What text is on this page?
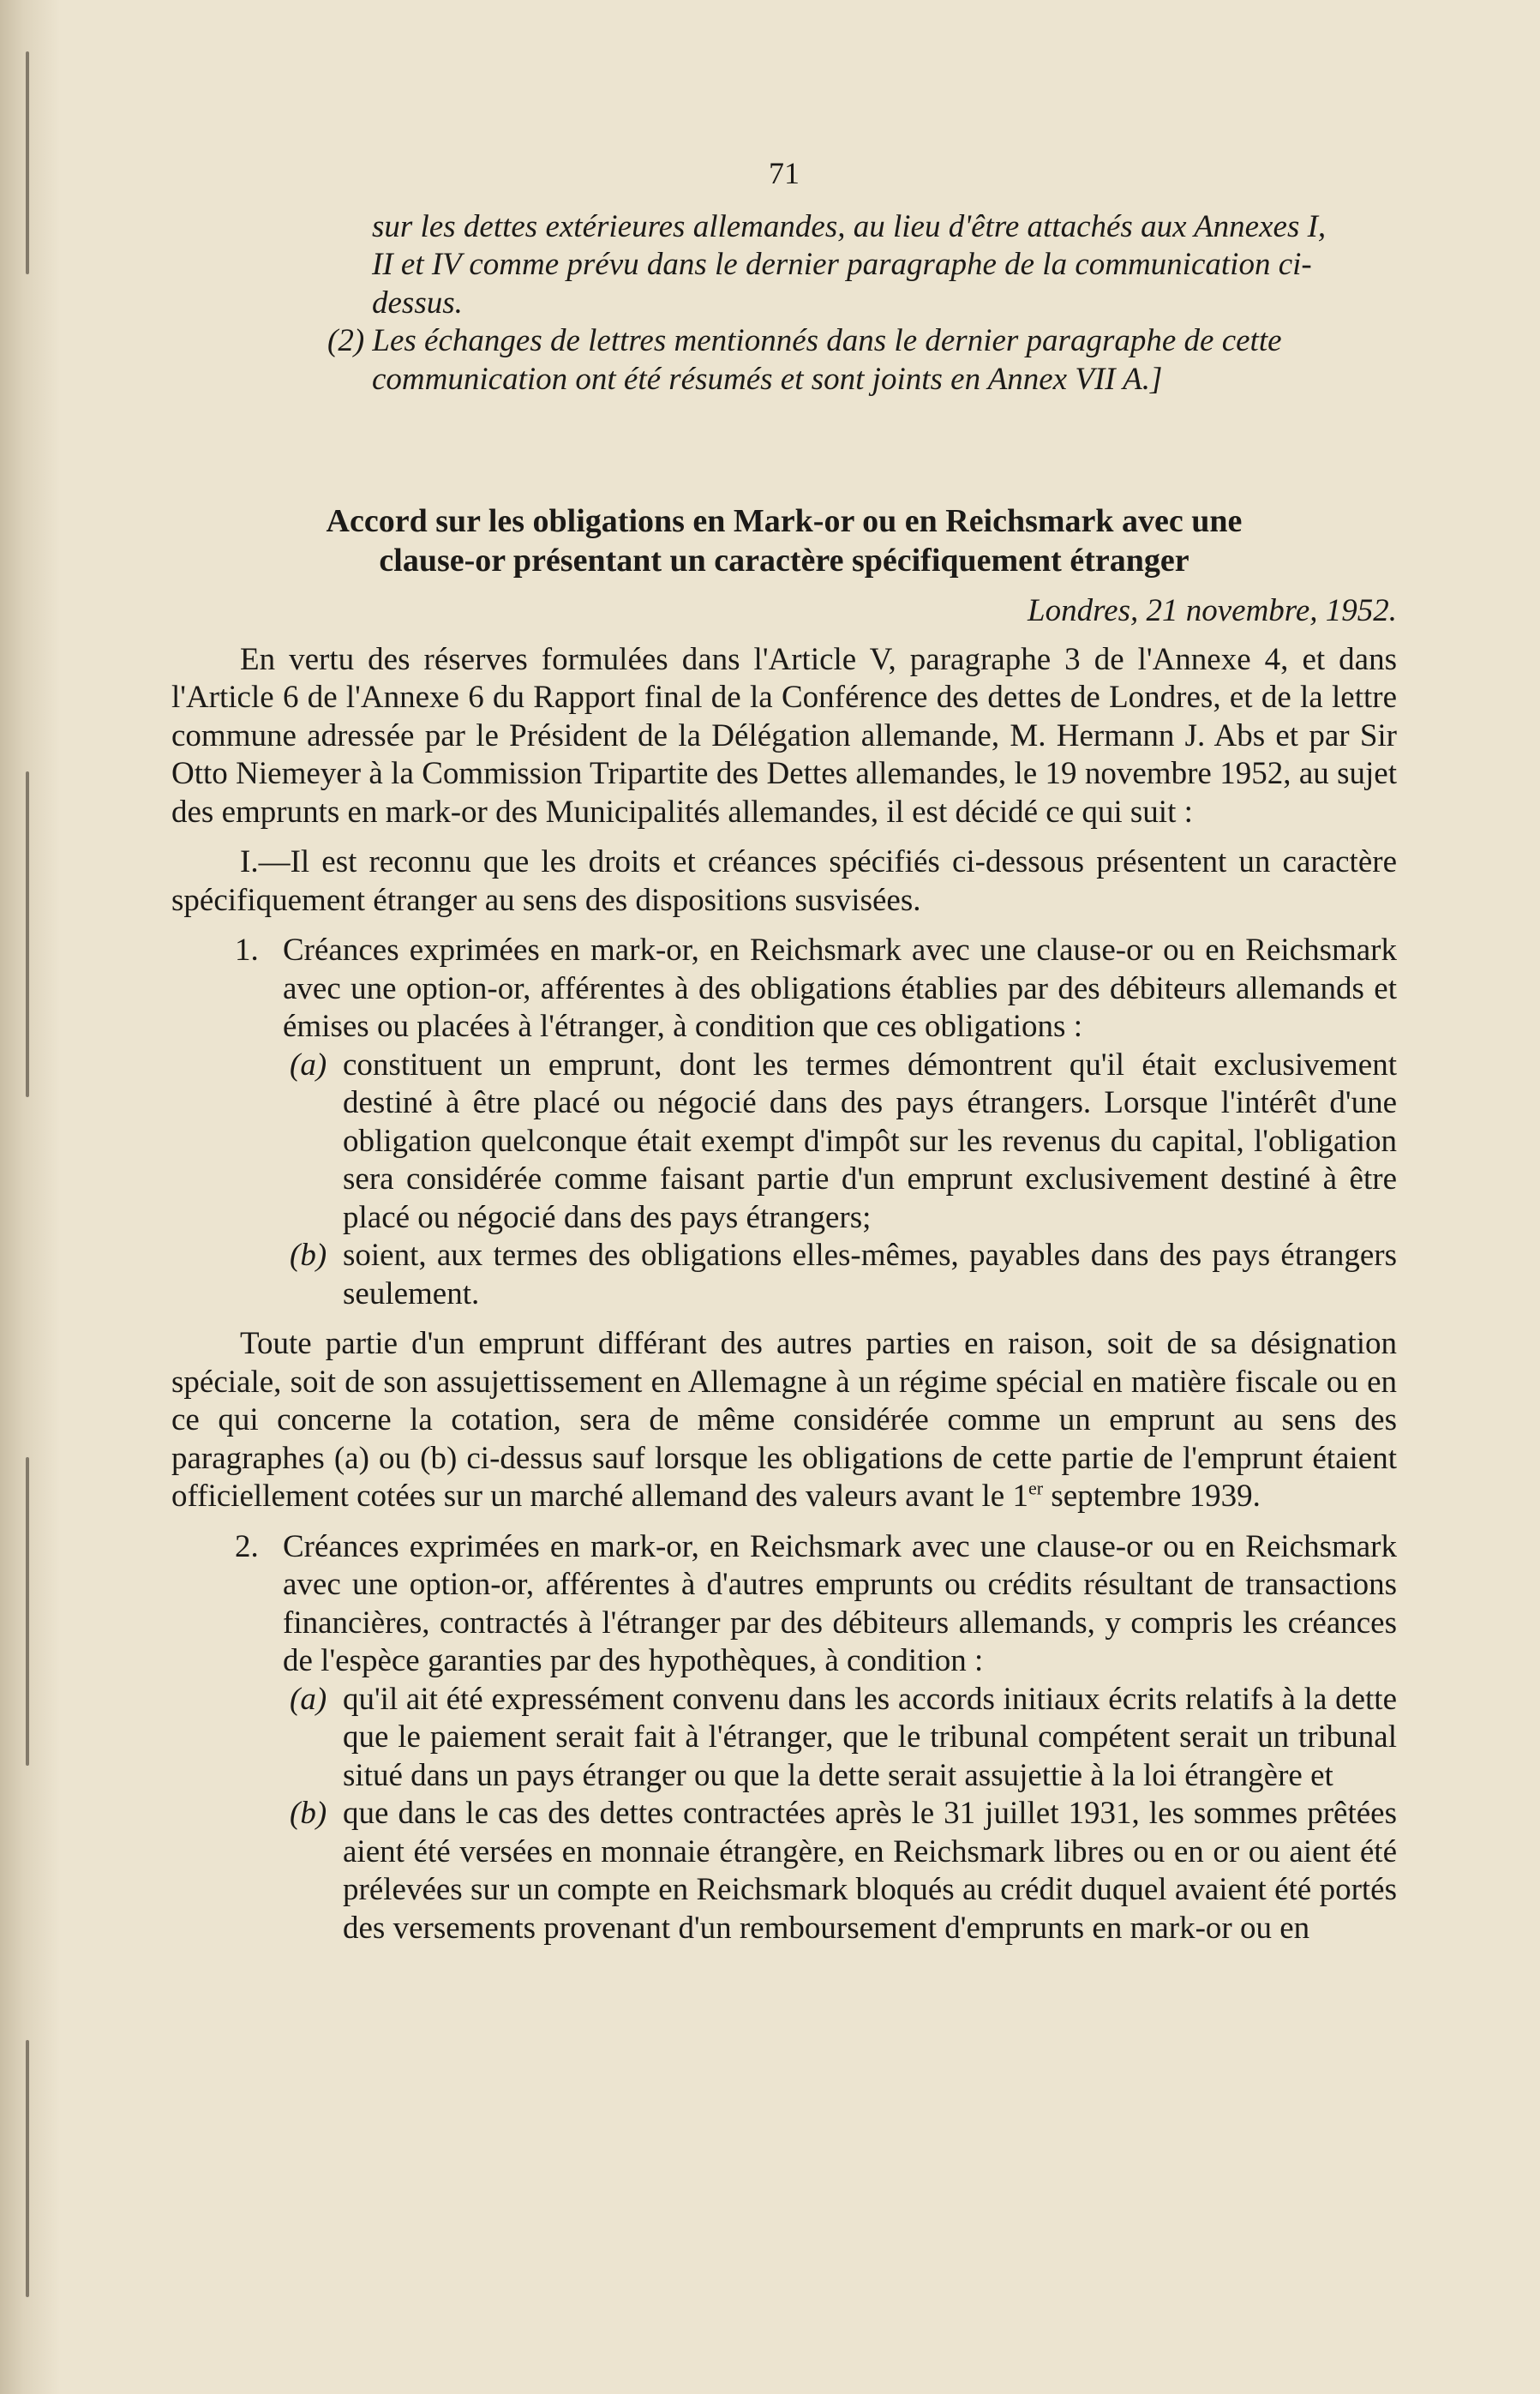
71

sur les dettes extérieures allemandes, au lieu d'être attachés aux Annexes I, II et IV comme prévu dans le dernier paragraphe de la communication ci-dessus.

(2) Les échanges de lettres mentionnés dans le dernier paragraphe de cette communication ont été résumés et sont joints en Annex VII A.]

Accord sur les obligations en Mark-or ou en Reichsmark avec une
clause-or présentant un caractère spécifiquement étranger
Londres, 21 novembre, 1952.

En vertu des réserves formulées dans l'Article V, paragraphe 3 de l'Annexe 4, et dans l'Article 6 de l'Annexe 6 du Rapport final de la Conférence des dettes de Londres, et de la lettre commune adressée par le Président de la Délégation allemande, M. Hermann J. Abs et par Sir Otto Niemeyer à la Commission Tripartite des Dettes allemandes, le 19 novembre 1952, au sujet des emprunts en mark-or des Municipalités allemandes, il est décidé ce qui suit :

I.—Il est reconnu que les droits et créances spécifiés ci-dessous présentent un caractère spécifiquement étranger au sens des dispositions susvisées.

1. Créances exprimées en mark-or, en Reichsmark avec une clause-or ou en Reichsmark avec une option-or, afférentes à des obligations établies par des débiteurs allemands et émises ou placées à l'étranger, à condition que ces obligations :
(a) constituent un emprunt, dont les termes démontrent qu'il était exclusivement destiné à être placé ou négocié dans des pays étrangers. Lorsque l'intérêt d'une obligation quelconque était exempt d'impôt sur les revenus du capital, l'obligation sera considérée comme faisant partie d'un emprunt exclusivement destiné à être placé ou négocié dans des pays étrangers;
(b) soient, aux termes des obligations elles-mêmes, payables dans des pays étrangers seulement.

Toute partie d'un emprunt différant des autres parties en raison, soit de sa désignation spéciale, soit de son assujettissement en Allemagne à un régime spécial en matière fiscale ou en ce qui concerne la cotation, sera de même considérée comme un emprunt au sens des paragraphes (a) ou (b) ci-dessus sauf lorsque les obligations de cette partie de l'emprunt étaient officiellement cotées sur un marché allemand des valeurs avant le 1er septembre 1939.

2. Créances exprimées en mark-or, en Reichsmark avec une clause-or ou en Reichsmark avec une option-or, afférentes à d'autres emprunts ou crédits résultant de transactions financières, contractés à l'étranger par des débiteurs allemands, y compris les créances de l'espèce garanties par des hypothèques, à condition :
(a) qu'il ait été expressément convenu dans les accords initiaux écrits relatifs à la dette que le paiement serait fait à l'étranger, que le tribunal compétent serait un tribunal situé dans un pays étranger ou que la dette serait assujettie à la loi étrangère et
(b) que dans le cas des dettes contractées après le 31 juillet 1931, les sommes prêtées aient été versées en monnaie étrangère, en Reichsmark libres ou en or ou aient été prélevées sur un compte en Reichsmark bloqués au crédit duquel avaient été portés des versements provenant d'un remboursement d'emprunts en mark-or ou en
